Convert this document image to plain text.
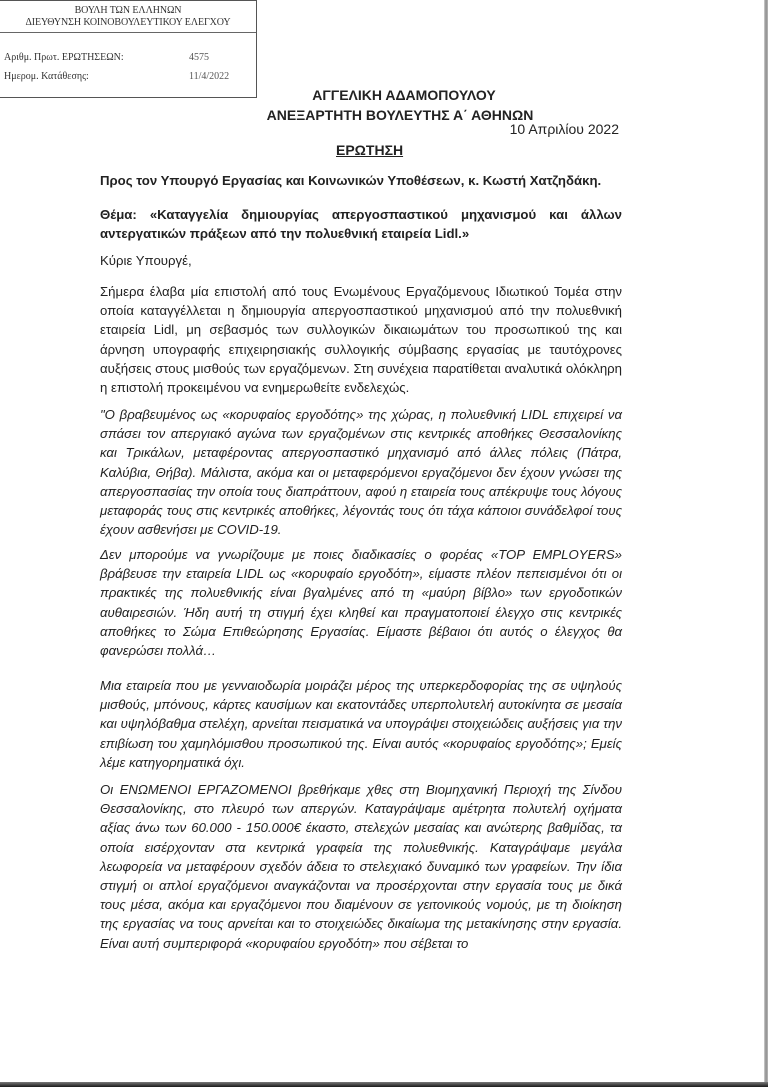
ΒΟΥΛΗ ΤΩΝ ΕΛΛΗΝΩΝ
ΔΙΕΥΘΥΝΣΗ ΚΟΙΝΟΒΟΥΛΕΥΤΙΚΟΥ ΕΛΕΓΧΟΥ
Αριθμ. Πρωτ. ΕΡΩΤΗΣΕΩΝ:	4575
Ημερομ. Κατάθεσης:	11/4/2022
ΑΓΓΕΛΙΚΗ ΑΔΑΜΟΠΟΥΛΟΥ
ΑΝΕΞΑΡΤΗΤΗ ΒΟΥΛΕΥΤΗΣ Α΄ ΑΘΗΝΩΝ
10 Απριλίου 2022
ΕΡΩΤΗΣΗ
Προς τον Υπουργό Εργασίας και Κοινωνικών Υποθέσεων, κ. Κωστή Χατζηδάκη.
Θέμα: «Καταγγελία δημιουργίας απεργοσπαστικού μηχανισμού και άλλων αντεργατικών πράξεων από την πολυεθνική εταιρεία Lidl.»
Κύριε Υπουργέ,
Σήμερα έλαβα μία επιστολή από τους Ενωμένους Εργαζόμενους Ιδιωτικού Τομέα στην οποία καταγγέλλεται η δημιουργία απεργοσπαστικού μηχανισμού από την πολυεθνική εταιρεία Lidl, μη σεβασμός των συλλογικών δικαιωμάτων του προσωπικού της και άρνηση υπογραφής επιχειρησιακής συλλογικής σύμβασης εργασίας με ταυτόχρονες αυξήσεις στους μισθούς των εργαζόμενων. Στη συνέχεια παρατίθεται αναλυτικά ολόκληρη η επιστολή προκειμένου να ενημερωθείτε ενδελεχώς.
"Ο βραβευμένος ως «κορυφαίος εργοδότης» της χώρας, η πολυεθνική LIDL επιχειρεί να σπάσει τον απεργιακό αγώνα των εργαζομένων στις κεντρικές αποθήκες Θεσσαλονίκης και Τρικάλων, μεταφέροντας απεργοσπαστικό μηχανισμό από άλλες πόλεις (Πάτρα, Καλύβια, Θήβα). Μάλιστα, ακόμα και οι μεταφερόμενοι εργαζόμενοι δεν έχουν γνώσει της απεργοσπασίας την οποία τους διαπράττουν, αφού η εταιρεία τους απέκρυψε τους λόγους μεταφοράς τους στις κεντρικές αποθήκες, λέγοντάς τους ότι τάχα κάποιοι συνάδελφοί τους έχουν ασθενήσει με COVID-19.
Δεν μπορούμε να γνωρίζουμε με ποιες διαδικασίες ο φορέας «TOP EMPLOYERS» βράβευσε την εταιρεία LIDL ως «κορυφαίο εργοδότη», είμαστε πλέον πεπεισμένοι ότι οι πρακτικές της πολυεθνικής είναι βγαλμένες από τη «μαύρη βίβλο» των εργοδοτικών αυθαιρεσιών. Ήδη αυτή τη στιγμή έχει κληθεί και πραγματοποιεί έλεγχο στις κεντρικές αποθήκες το Σώμα Επιθεώρησης Εργασίας. Είμαστε βέβαιοι ότι αυτός ο έλεγχος θα φανερώσει πολλά…
Μια εταιρεία που με γενναιοδωρία μοιράζει μέρος της υπερκερδοφορίας της σε υψηλούς μισθούς, μπόνους, κάρτες καυσίμων και εκατοντάδες υπερπολυτελή αυτοκίνητα σε μεσαία και υψηλόβαθμα στελέχη, αρνείται πεισματικά να υπογράψει στοιχειώδεις αυξήσεις για την επιβίωση του χαμηλόμισθου προσωπικού της. Είναι αυτός «κορυφαίος εργοδότης»; Εμείς λέμε κατηγορηματικά όχι.
Οι ΕΝΩΜΕΝΟΙ ΕΡΓΑΖΟΜΕΝΟΙ βρεθήκαμε χθες στη Βιομηχανική Περιοχή της Σίνδου Θεσσαλονίκης, στο πλευρό των απεργών. Καταγράψαμε αμέτρητα πολυτελή οχήματα αξίας άνω των 60.000 - 150.000€ έκαστο, στελεχών μεσαίας και ανώτερης βαθμίδας, τα οποία εισέρχονταν στα κεντρικά γραφεία της πολυεθνικής. Καταγράψαμε μεγάλα λεωφορεία να μεταφέρουν σχεδόν άδεια το στελεχιακό δυναμικό των γραφείων. Την ίδια στιγμή οι απλοί εργαζόμενοι αναγκάζονται να προσέρχονται στην εργασία τους με δικά τους μέσα, ακόμα και εργαζόμενοι που διαμένουν σε γειτονικούς νομούς, με τη διοίκηση της εργασίας να τους αρνείται και το στοιχειώδες δικαίωμα της μετακίνησης στην εργασία. Είναι αυτή συμπεριφορά «κορυφαίου εργοδότη» που σέβεται το
